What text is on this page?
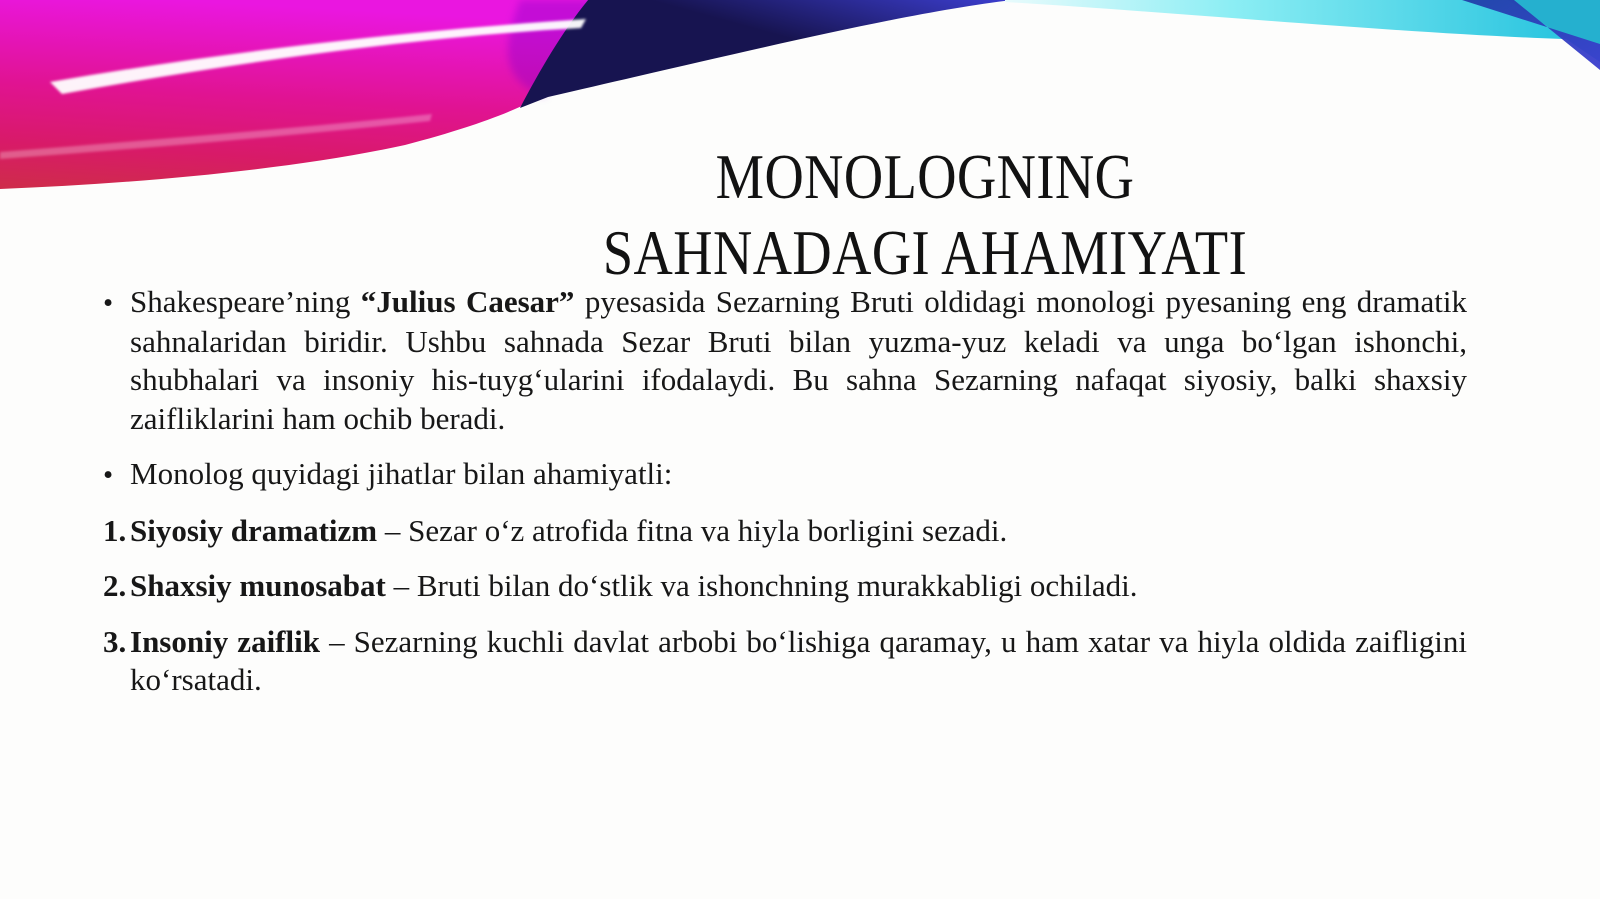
MONOLOGNING
SAHNADAGI AHAMIYATI

• Shakespeare’ning “Julius Caesar” pyesasida Sezarning Bruti oldidagi monologi pyesaning eng dramatik sahnalaridan biridir. Ushbu sahnada Sezar Bruti bilan yuzma-yuz keladi va unga boʻlgan ishonchi, shubhalari va insoniy his-tuygʻularini ifodalaydi. Bu sahna Sezarning nafaqat siyosiy, balki shaxsiy zaifliklarini ham ochib beradi.

• Monolog quyidagi jihatlar bilan ahamiyatli:

1. Siyosiy dramatizm – Sezar oʻz atrofida fitna va hiyla borligini sezadi.

2. Shaxsiy munosabat – Bruti bilan doʻstlik va ishonchning murakkabligi ochiladi.

3. Insoniy zaiflik – Sezarning kuchli davlat arbobi boʻlishiga qaramay, u ham xatar va hiyla oldida zaifligini koʻrsatadi.
